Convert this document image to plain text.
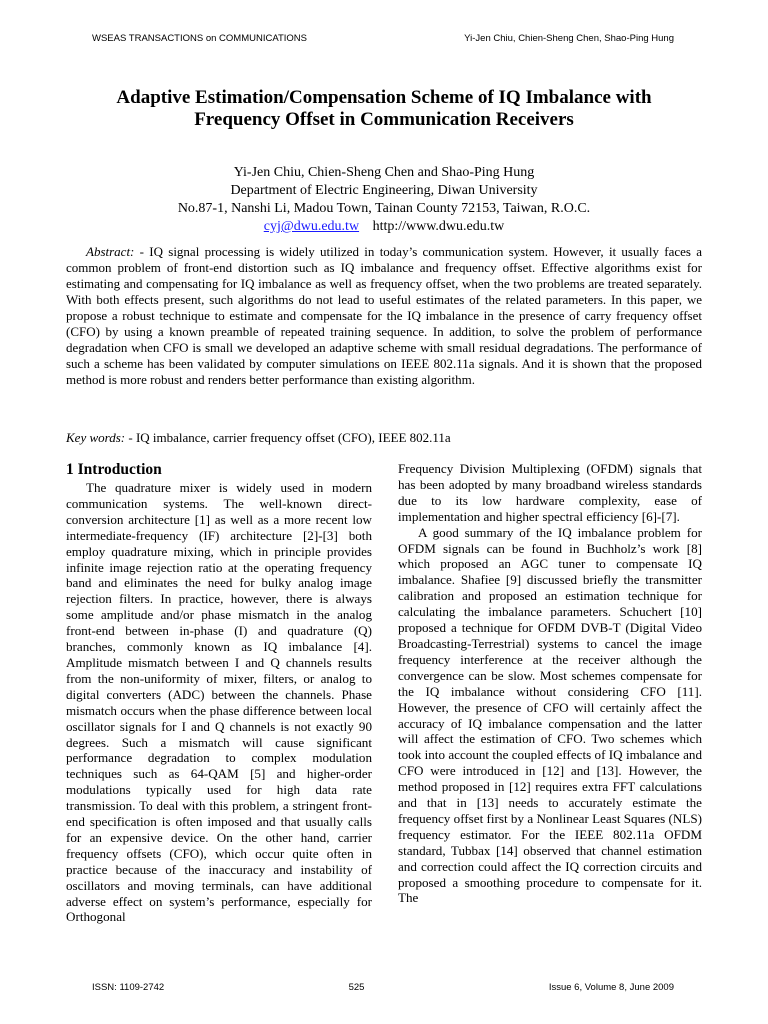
WSEAS TRANSACTIONS on COMMUNICATIONS	Yi-Jen Chiu, Chien-Sheng Chen, Shao-Ping Hung
Adaptive Estimation/Compensation Scheme of IQ Imbalance with
Frequency Offset in Communication Receivers
Yi-Jen Chiu, Chien-Sheng Chen and Shao-Ping Hung
Department of Electric Engineering, Diwan University
No.87-1, Nanshi Li, Madou Town, Tainan County 72153, Taiwan, R.O.C.
cyj@dwu.edu.tw http://www.dwu.edu.tw

Abstract: - IQ signal processing is widely utilized in today’s communication system. However, it usually faces a common problem of front-end distortion such as IQ imbalance and frequency offset. Effective algorithms exist for estimating and compensating for IQ imbalance as well as frequency offset, when the two problems are treated separately. With both effects present, such algorithms do not lead to useful estimates of the related parameters. In this paper, we propose a robust technique to estimate and compensate for the IQ imbalance in the presence of carry frequency offset (CFO) by using a known preamble of repeated training sequence. In addition, to solve the problem of performance degradation when CFO is small we developed an adaptive scheme with small residual degradations. The performance of such a scheme has been validated by computer simulations on IEEE 802.11a signals. And it is shown that the proposed method is more robust and renders better performance than existing algorithm.

Key words: - IQ imbalance, carrier frequency offset (CFO), IEEE 802.11a

1 Introduction

The quadrature mixer is widely used in modern communication systems. The well-known direct-conversion architecture [1] as well as a more recent low intermediate-frequency (IF) architecture [2]-[3] both employ quadrature mixing, which in principle provides infinite image rejection ratio at the operating frequency band and eliminates the need for bulky analog image rejection filters. In practice, however, there is always some amplitude and/or phase mismatch in the analog front-end between in-phase (I) and quadrature (Q) branches, commonly known as IQ imbalance [4]. Amplitude mismatch between I and Q channels results from the non-uniformity of mixer, filters, or analog to digital converters (ADC) between the channels. Phase mismatch occurs when the phase difference between local oscillator signals for I and Q channels is not exactly 90 degrees. Such a mismatch will cause significant performance degradation to complex modulation techniques such as 64-QAM [5] and higher-order modulations typically used for high data rate transmission. To deal with this problem, a stringent front-end specification is often imposed and that usually calls for an expensive device. On the other hand, carrier frequency offsets (CFO), which occur quite often in practice because of the inaccuracy and instability of oscillators and moving terminals, can have additional adverse effect on system’s performance, especially for Orthogonal

Frequency Division Multiplexing (OFDM) signals that has been adopted by many broadband wireless standards due to its low hardware complexity, ease of implementation and higher spectral efficiency [6]-[7].

A good summary of the IQ imbalance problem for OFDM signals can be found in Buchholz’s work [8] which proposed an AGC tuner to compensate IQ imbalance. Shafiee [9] discussed briefly the transmitter calibration and proposed an estimation technique for calculating the imbalance parameters. Schuchert [10] proposed a technique for OFDM DVB-T (Digital Video Broadcasting-Terrestrial) systems to cancel the image frequency interference at the receiver although the convergence can be slow. Most schemes compensate for the IQ imbalance without considering CFO [11]. However, the presence of CFO will certainly affect the accuracy of IQ imbalance compensation and the latter will affect the estimation of CFO. Two schemes which took into account the coupled effects of IQ imbalance and CFO were introduced in [12] and [13]. However, the method proposed in [12] requires extra FFT calculations and that in [13] needs to accurately estimate the frequency offset first by a Nonlinear Least Squares (NLS) frequency estimator. For the IEEE 802.11a OFDM standard, Tubbax [14] observed that channel estimation and correction could affect the IQ correction circuits and proposed a smoothing procedure to compensate for it. The

ISSN: 1109-2742	525	Issue 6, Volume 8, June 2009
